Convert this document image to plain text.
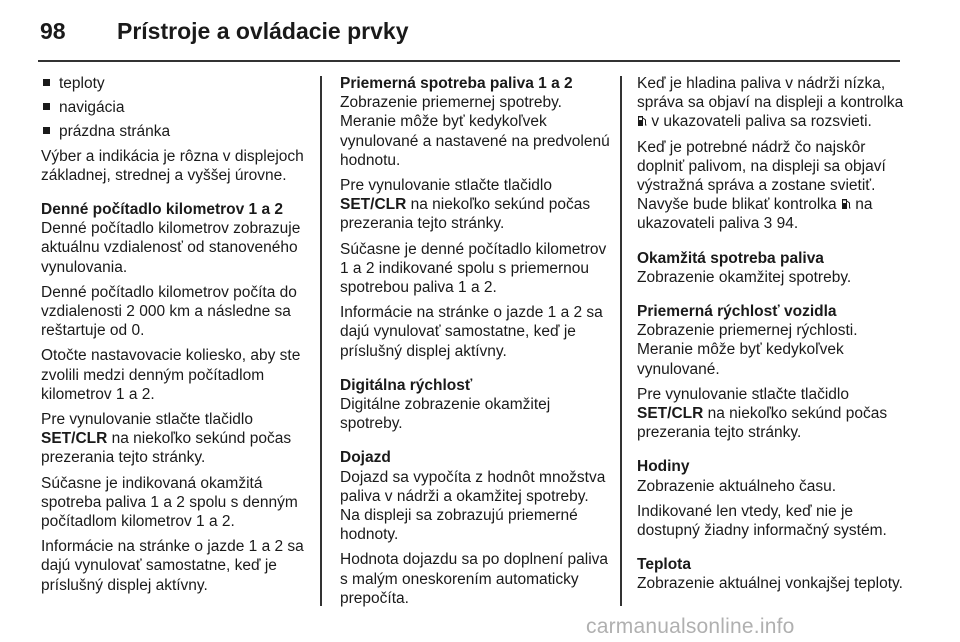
98 Prístroje a ovládacie prvky
teploty
navigácia
prázdna stránka

Výber a indikácia je rôzna v displejoch základnej, strednej a vyššej úrovne.

Denné počítadlo kilometrov 1 a 2

Denné počítadlo kilometrov zobrazuje aktuálnu vzdialenosť od stanoveného vynulovania.

Denné počítadlo kilometrov počíta do vzdialenosti 2 000 km a následne sa reštartuje od 0.

Otočte nastavovacie koliesko, aby ste zvolili medzi denným počítadlom kilometrov 1 a 2.

Pre vynulovanie stlačte tlačidlo SET/CLR na niekoľko sekúnd počas prezerania tejto stránky.

Súčasne je indikovaná okamžitá spotreba paliva 1 a 2 spolu s denným počítadlom kilometrov 1 a 2.

Informácie na stránke o jazde 1 a 2 sa dajú vynulovať samostatne, keď je príslušný displej aktívny.

Priemerná spotreba paliva 1 a 2

Zobrazenie priemernej spotreby. Meranie môže byť kedykoľvek vynulované a nastavené na predvolenú hodnotu.

Pre vynulovanie stlačte tlačidlo SET/CLR na niekoľko sekúnd počas prezerania tejto stránky.

Súčasne je denné počítadlo kilometrov 1 a 2 indikované spolu s priemernou spotrebou paliva 1 a 2.

Informácie na stránke o jazde 1 a 2 sa dajú vynulovať samostatne, keď je príslušný displej aktívny.

Digitálna rýchlosť

Digitálne zobrazenie okamžitej spotreby.

Dojazd

Dojazd sa vypočíta z hodnôt množstva paliva v nádrži a okamžitej spotreby. Na displeji sa zobrazujú priemerné hodnoty.

Hodnota dojazdu sa po doplnení paliva s malým oneskorením automaticky prepočíta.

Keď je hladina paliva v nádrži nízka, správa sa objaví na displeji a kontrolka  v ukazovateli paliva sa rozsvieti.

Keď je potrebné nádrž čo najskôr doplniť palivom, na displeji sa objaví výstražná správa a zostane svietiť. Navyše bude blikať kontrolka na ukazovateli paliva 3 94.

Okamžitá spotreba paliva

Zobrazenie okamžitej spotreby.

Priemerná rýchlosť vozidla

Zobrazenie priemernej rýchlosti. Meranie môže byť kedykoľvek vynulované.

Pre vynulovanie stlačte tlačidlo SET/CLR na niekoľko sekúnd počas prezerania tejto stránky.

Hodiny

Zobrazenie aktuálneho času.

Indikované len vtedy, keď nie je dostupný žiadny informačný systém.

Teplota

Zobrazenie aktuálnej vonkajšej teploty.

carmanualsonline.info
